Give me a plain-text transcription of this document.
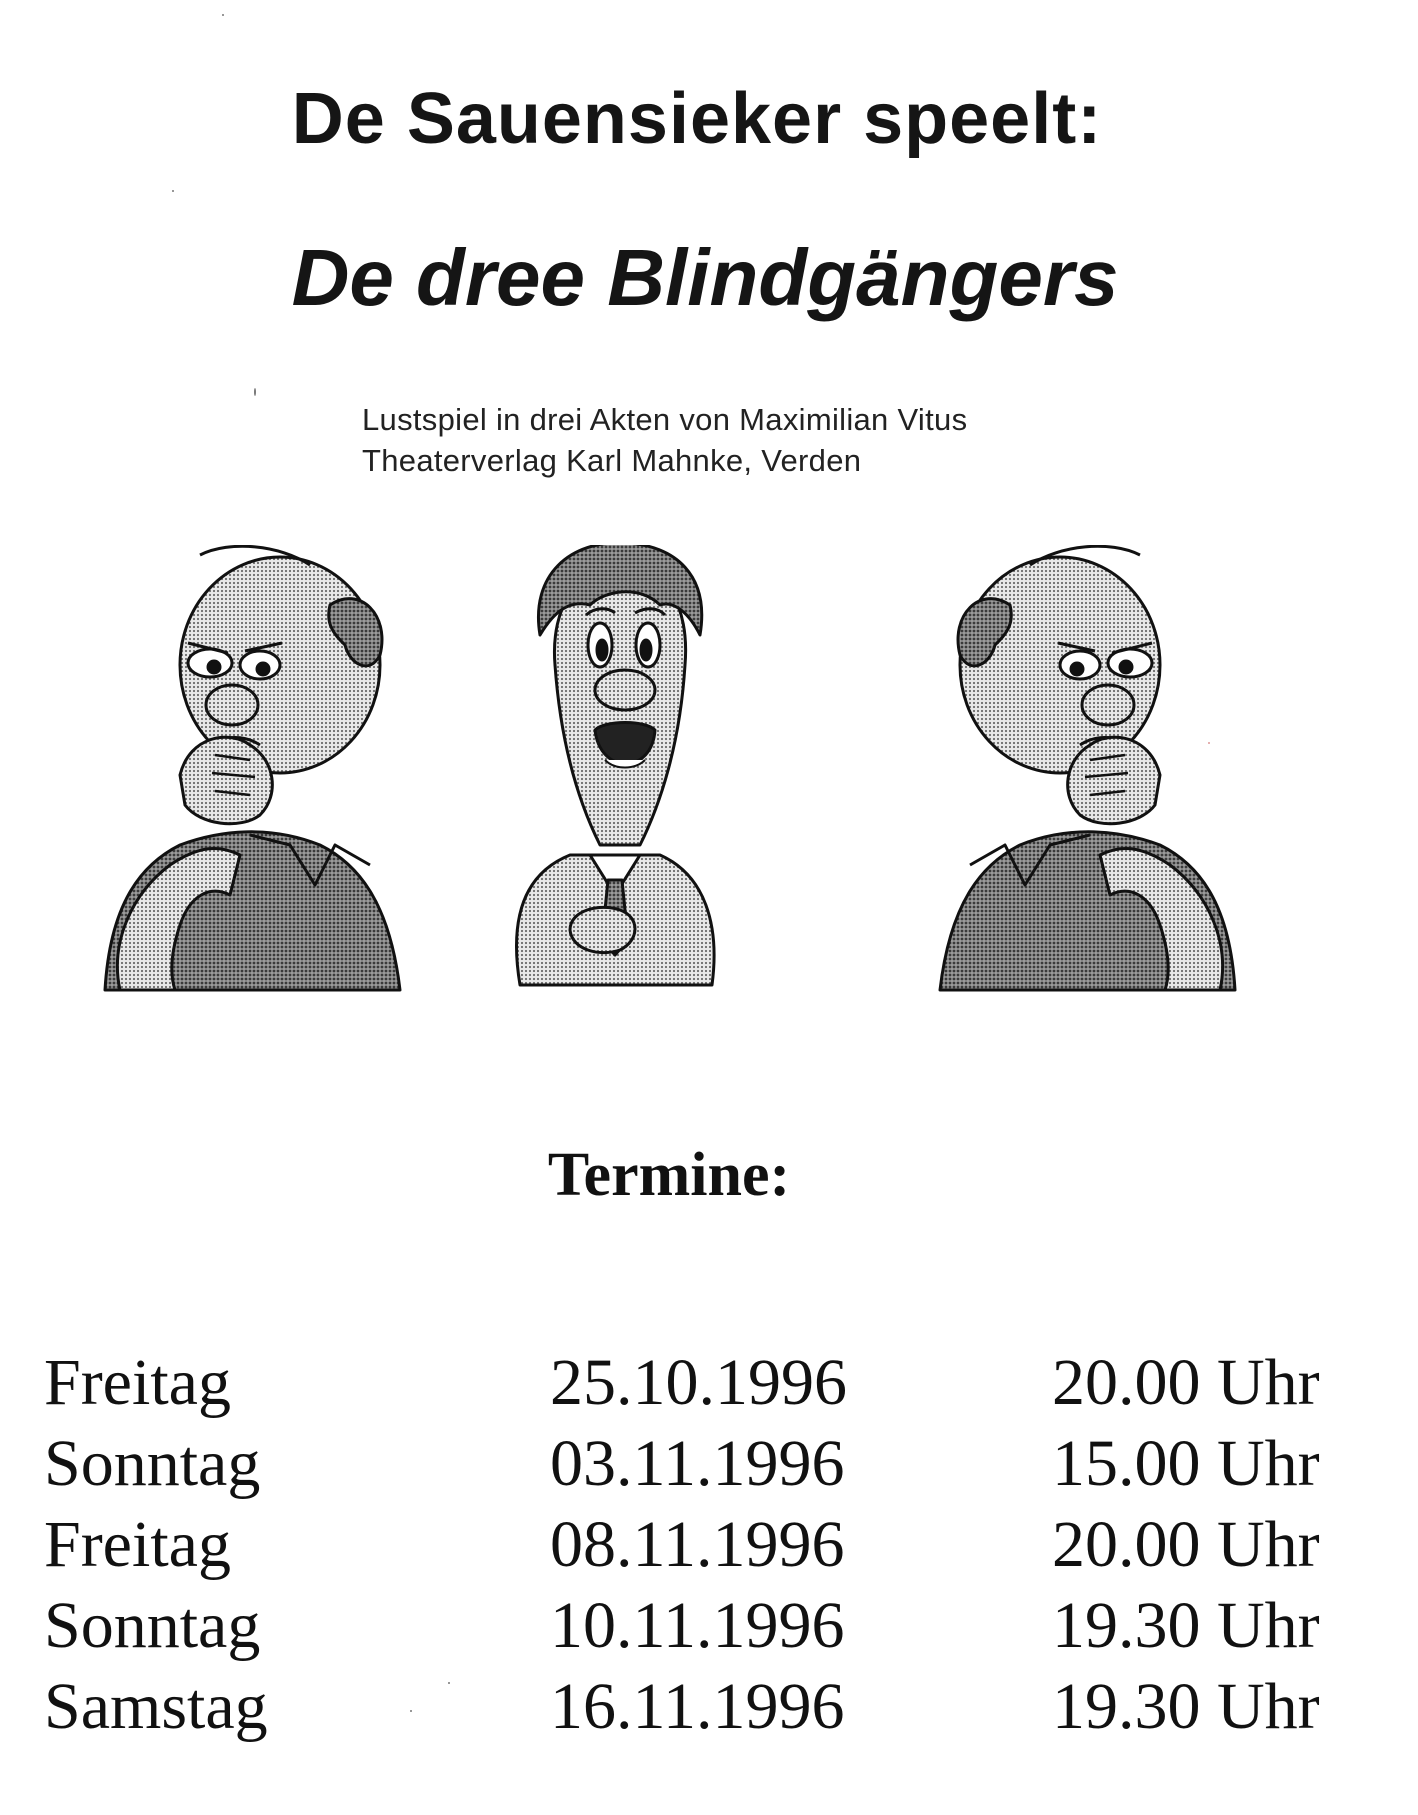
De Sauensieker speelt:
De dree Blindgängers
Lustspiel in drei Akten von Maximilian Vitus
Theaterverlag Karl Mahnke, Verden
Termine:
Freitag	25.10.1996	20.00 Uhr
Sonntag	03.11.1996	15.00 Uhr
Freitag	08.11.1996	20.00 Uhr
Sonntag	10.11.1996	19.30 Uhr
Samstag	16.11.1996	19.30 Uhr
